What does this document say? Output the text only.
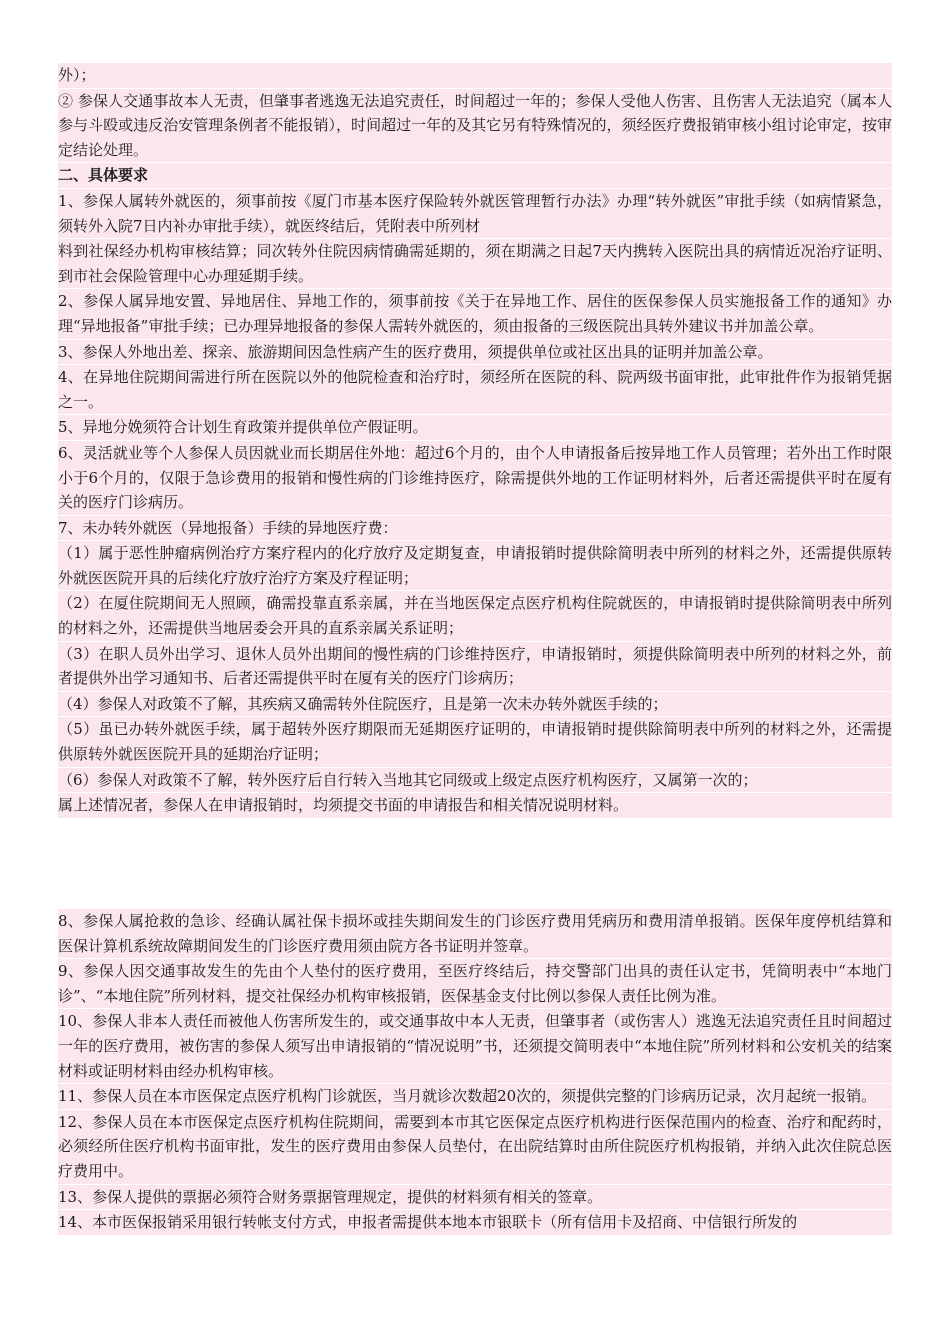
外）；

② 参保人交通事故本人无责，但肇事者逃逸无法追究责任，时间超过一年的；参保人受他人伤害、且伤害人无法追究（属本人参与斗殴或违反治安管理条例者不能报销），时间超过一年的及其它另有特殊情况的，须经医疗费报销审核小组讨论审定，按审定结论处理。

二、具体要求

1、参保人属转外就医的，须事前按《厦门市基本医疗保险转外就医管理暂行办法》办理“转外就医”审批手续（如病情紧急，须转外入院7日内补办审批手续），就医终结后，凭附表中所列材

料到社保经办机构审核结算；同次转外住院因病情确需延期的，须在期满之日起7天内携转入医院出具的病情近况治疗证明、到市社会保险管理中心办理延期手续。

2、参保人属异地安置、异地居住、异地工作的，须事前按《关于在异地工作、居住的医保参保人员实施报备工作的通知》办理“异地报备”审批手续；已办理异地报备的参保人需转外就医的，须由报备的三级医院出具转外建议书并加盖公章。

3、参保人外地出差、探亲、旅游期间因急性病产生的医疗费用，须提供单位或社区出具的证明并加盖公章。

4、在异地住院期间需进行所在医院以外的他院检查和治疗时，须经所在医院的科、院两级书面审批，此审批件作为报销凭据之一。

5、异地分娩须符合计划生育政策并提供单位产假证明。

6、灵活就业等个人参保人员因就业而长期居住外地：超过6个月的，由个人申请报备后按异地工作人员管理；若外出工作时限小于6个月的，仅限于急诊费用的报销和慢性病的门诊维持医疗，除需提供外地的工作证明材料外，后者还需提供平时在厦有关的医疗门诊病历。

7、未办转外就医（异地报备）手续的异地医疗费：

（1）属于恶性肿瘤病例治疗方案疗程内的化疗放疗及定期复查，申请报销时提供除简明表中所列的材料之外，还需提供原转外就医医院开具的后续化疗放疗治疗方案及疗程证明；

（2）在厦住院期间无人照顾，确需投靠直系亲属，并在当地医保定点医疗机构住院就医的，申请报销时提供除简明表中所列的材料之外，还需提供当地居委会开具的直系亲属关系证明；

（3）在职人员外出学习、退休人员外出期间的慢性病的门诊维持医疗，申请报销时，须提供除简明表中所列的材料之外，前者提供外出学习通知书、后者还需提供平时在厦有关的医疗门诊病历；

（4）参保人对政策不了解，其疾病又确需转外住院医疗，且是第一次未办转外就医手续的；

（5）虽已办转外就医手续，属于超转外医疗期限而无延期医疗证明的，申请报销时提供除简明表中所列的材料之外，还需提供原转外就医医院开具的延期治疗证明；

（6）参保人对政策不了解，转外医疗后自行转入当地其它同级或上级定点医疗机构医疗，又属第一次的；

属上述情况者，参保人在申请报销时，均须提交书面的申请报告和相关情况说明材料。

8、参保人属抢救的急诊、经确认属社保卡损坏或挂失期间发生的门诊医疗费用凭病历和费用清单报销。医保年度停机结算和医保计算机系统故障期间发生的门诊医疗费用须由院方各书证明并签章。

9、参保人因交通事故发生的先由个人垫付的医疗费用，至医疗终结后，持交警部门出具的责任认定书，凭简明表中“本地门诊”、“本地住院”所列材料，提交社保经办机构审核报销，医保基金支付比例以参保人责任比例为准。

10、参保人非本人责任而被他人伤害所发生的，或交通事故中本人无责，但肇事者（或伤害人）逃逸无法追究责任且时间超过一年的医疗费用，被伤害的参保人须写出申请报销的“情况说明”书，还须提交简明表中“本地住院”所列材料和公安机关的结案材料或证明材料由经办机构审核。

11、参保人员在本市医保定点医疗机构门诊就医，当月就诊次数超20次的，须提供完整的门诊病历记录，次月起统一报销。

12、参保人员在本市医保定点医疗机构住院期间，需要到本市其它医保定点医疗机构进行医保范围内的检查、治疗和配药时，必须经所住医疗机构书面审批，发生的医疗费用由参保人员垫付，在出院结算时由所住院医疗机构报销，并纳入此次住院总医疗费用中。

13、参保人提供的票据必须符合财务票据管理规定，提供的材料须有相关的签章。

14、本市医保报销采用银行转帐支付方式，申报者需提供本地本市银联卡（所有信用卡及招商、中信银行所发的
